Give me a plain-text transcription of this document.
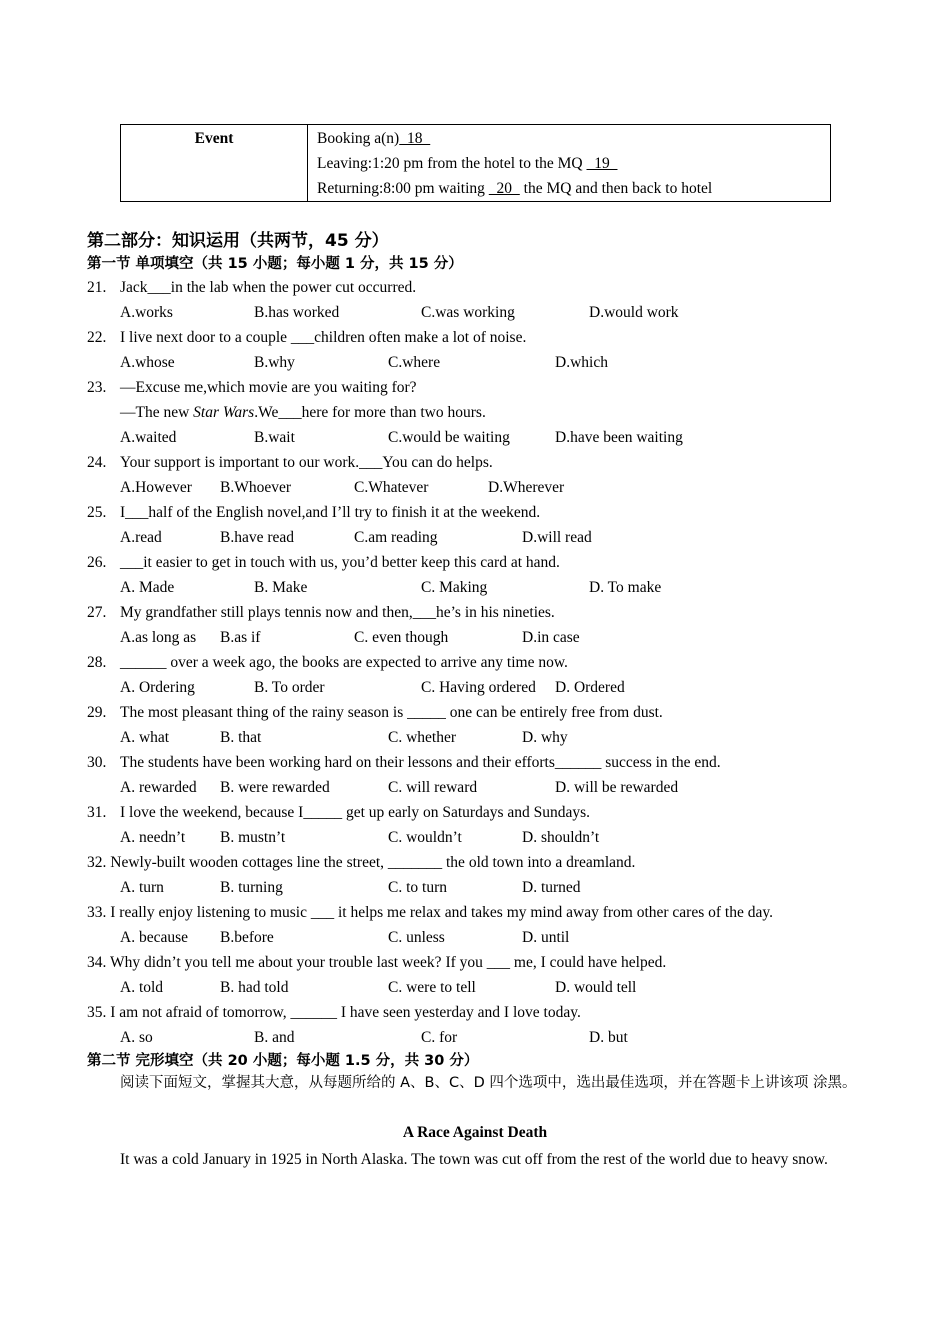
Event	Booking a(n)  18
Leaving:1:20 pm from the hotel to the MQ   19
Returning:8:00 pm waiting   20   the MQ and then back to hotel
第二部分：知识运用（共两节，45 分）
第一节 单项填空（共 15 小题；每小题 1 分，共 15 分）
21. Jack___in the lab when the power cut occurred.
A.works	B.has worked	C.was working	D.would work
22. I live next door to a couple ___children often make a lot of noise.
A.whose	B.why	C.where	D.which
23. —Excuse me,which movie are you waiting for?
—The new Star Wars.We___here for more than two hours.
A.waited	B.wait	C.would be waiting	D.have been waiting
24. Your support is important to our work.___You can do helps.
A.However B.Whoever	C.Whatever	D.Wherever
25. I___half of the English novel,and I’ll try to finish it at the weekend.
A.read	B.have read	C.am reading	D.will read
26. ___it easier to get in touch with us, you’d better keep this card at hand.
A. Made	B. Make	C. Making	D. To make
27. My grandfather still plays tennis now and then,___he’s in his nineties.
A.as long as B.as if	C. even though	D.in case
28. ______ over a week ago, the books are expected to arrive any time now.
A. Ordering	B. To order	C. Having ordered D. Ordered
29. The most pleasant thing of the rainy season is _____ one can be entirely free from dust.
A. what	B. that	C. whether	D. why
30. The students have been working hard on their lessons and their efforts______ success in the end.
A. rewarded B. were rewarded	C. will reward	D. will be rewarded
31. I love the weekend, because I_____ get up early on Saturdays and Sundays.
A. needn’t B. mustn’t	C. wouldn’t	D. shouldn’t
32. Newly-built wooden cottages line the street, _______ the old town into a dreamland.
A. turn	B. turning	C. to turn	D. turned
33. I really enjoy listening to music ___ it helps me relax and takes my mind away from other cares of the day.
A. because B.before	C. unless	D. until
34. Why didn’t you tell me about your trouble last week? If you ___ me, I could have helped.
A. told	B. had told	C. were to tell	D. would tell
35. I am not afraid of tomorrow, ______ I have seen yesterday and I love today.
A. so	B. and	C. for	D. but
第二节 完形填空（共 20 小题；每小题 1.5 分，共 30 分）
阅读下面短文，掌握其大意，从每题所给的 A、B、C、D 四个选项中，选出最佳选项，并在答题卡上讲该项 涂黑。
A Race Against Death
It was a cold January in 1925 in North Alaska. The town was cut off from the rest of the world due to heavy snow.
